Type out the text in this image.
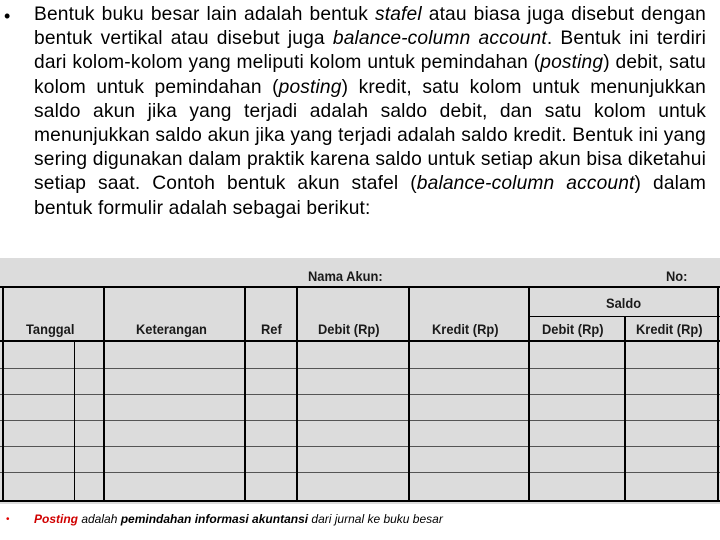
• Bentuk buku besar lain adalah bentuk stafel atau biasa juga disebut dengan bentuk vertikal atau disebut juga balance-column account. Bentuk ini terdiri dari kolom-kolom yang meliputi kolom untuk pemindahan (posting) debit, satu kolom untuk pemindahan (posting) kredit, satu kolom untuk menunjukkan saldo akun jika yang terjadi adalah saldo debit, dan satu kolom untuk menunjukkan saldo akun jika yang terjadi adalah saldo kredit. Bentuk ini yang sering digunakan dalam praktik karena saldo untuk setiap akun bisa diketahui setiap saat. Contoh bentuk akun stafel (balance-column account) dalam bentuk formulir adalah sebagai berikut:
Nama Akun:	No:
Saldo
Tanggal	Keterangan	Ref	Debit (Rp)	Kredit (Rp)	Debit (Rp) Kredit (Rp)
• Posting adalah pemindahan informasi akuntansi dari jurnal ke buku besar
